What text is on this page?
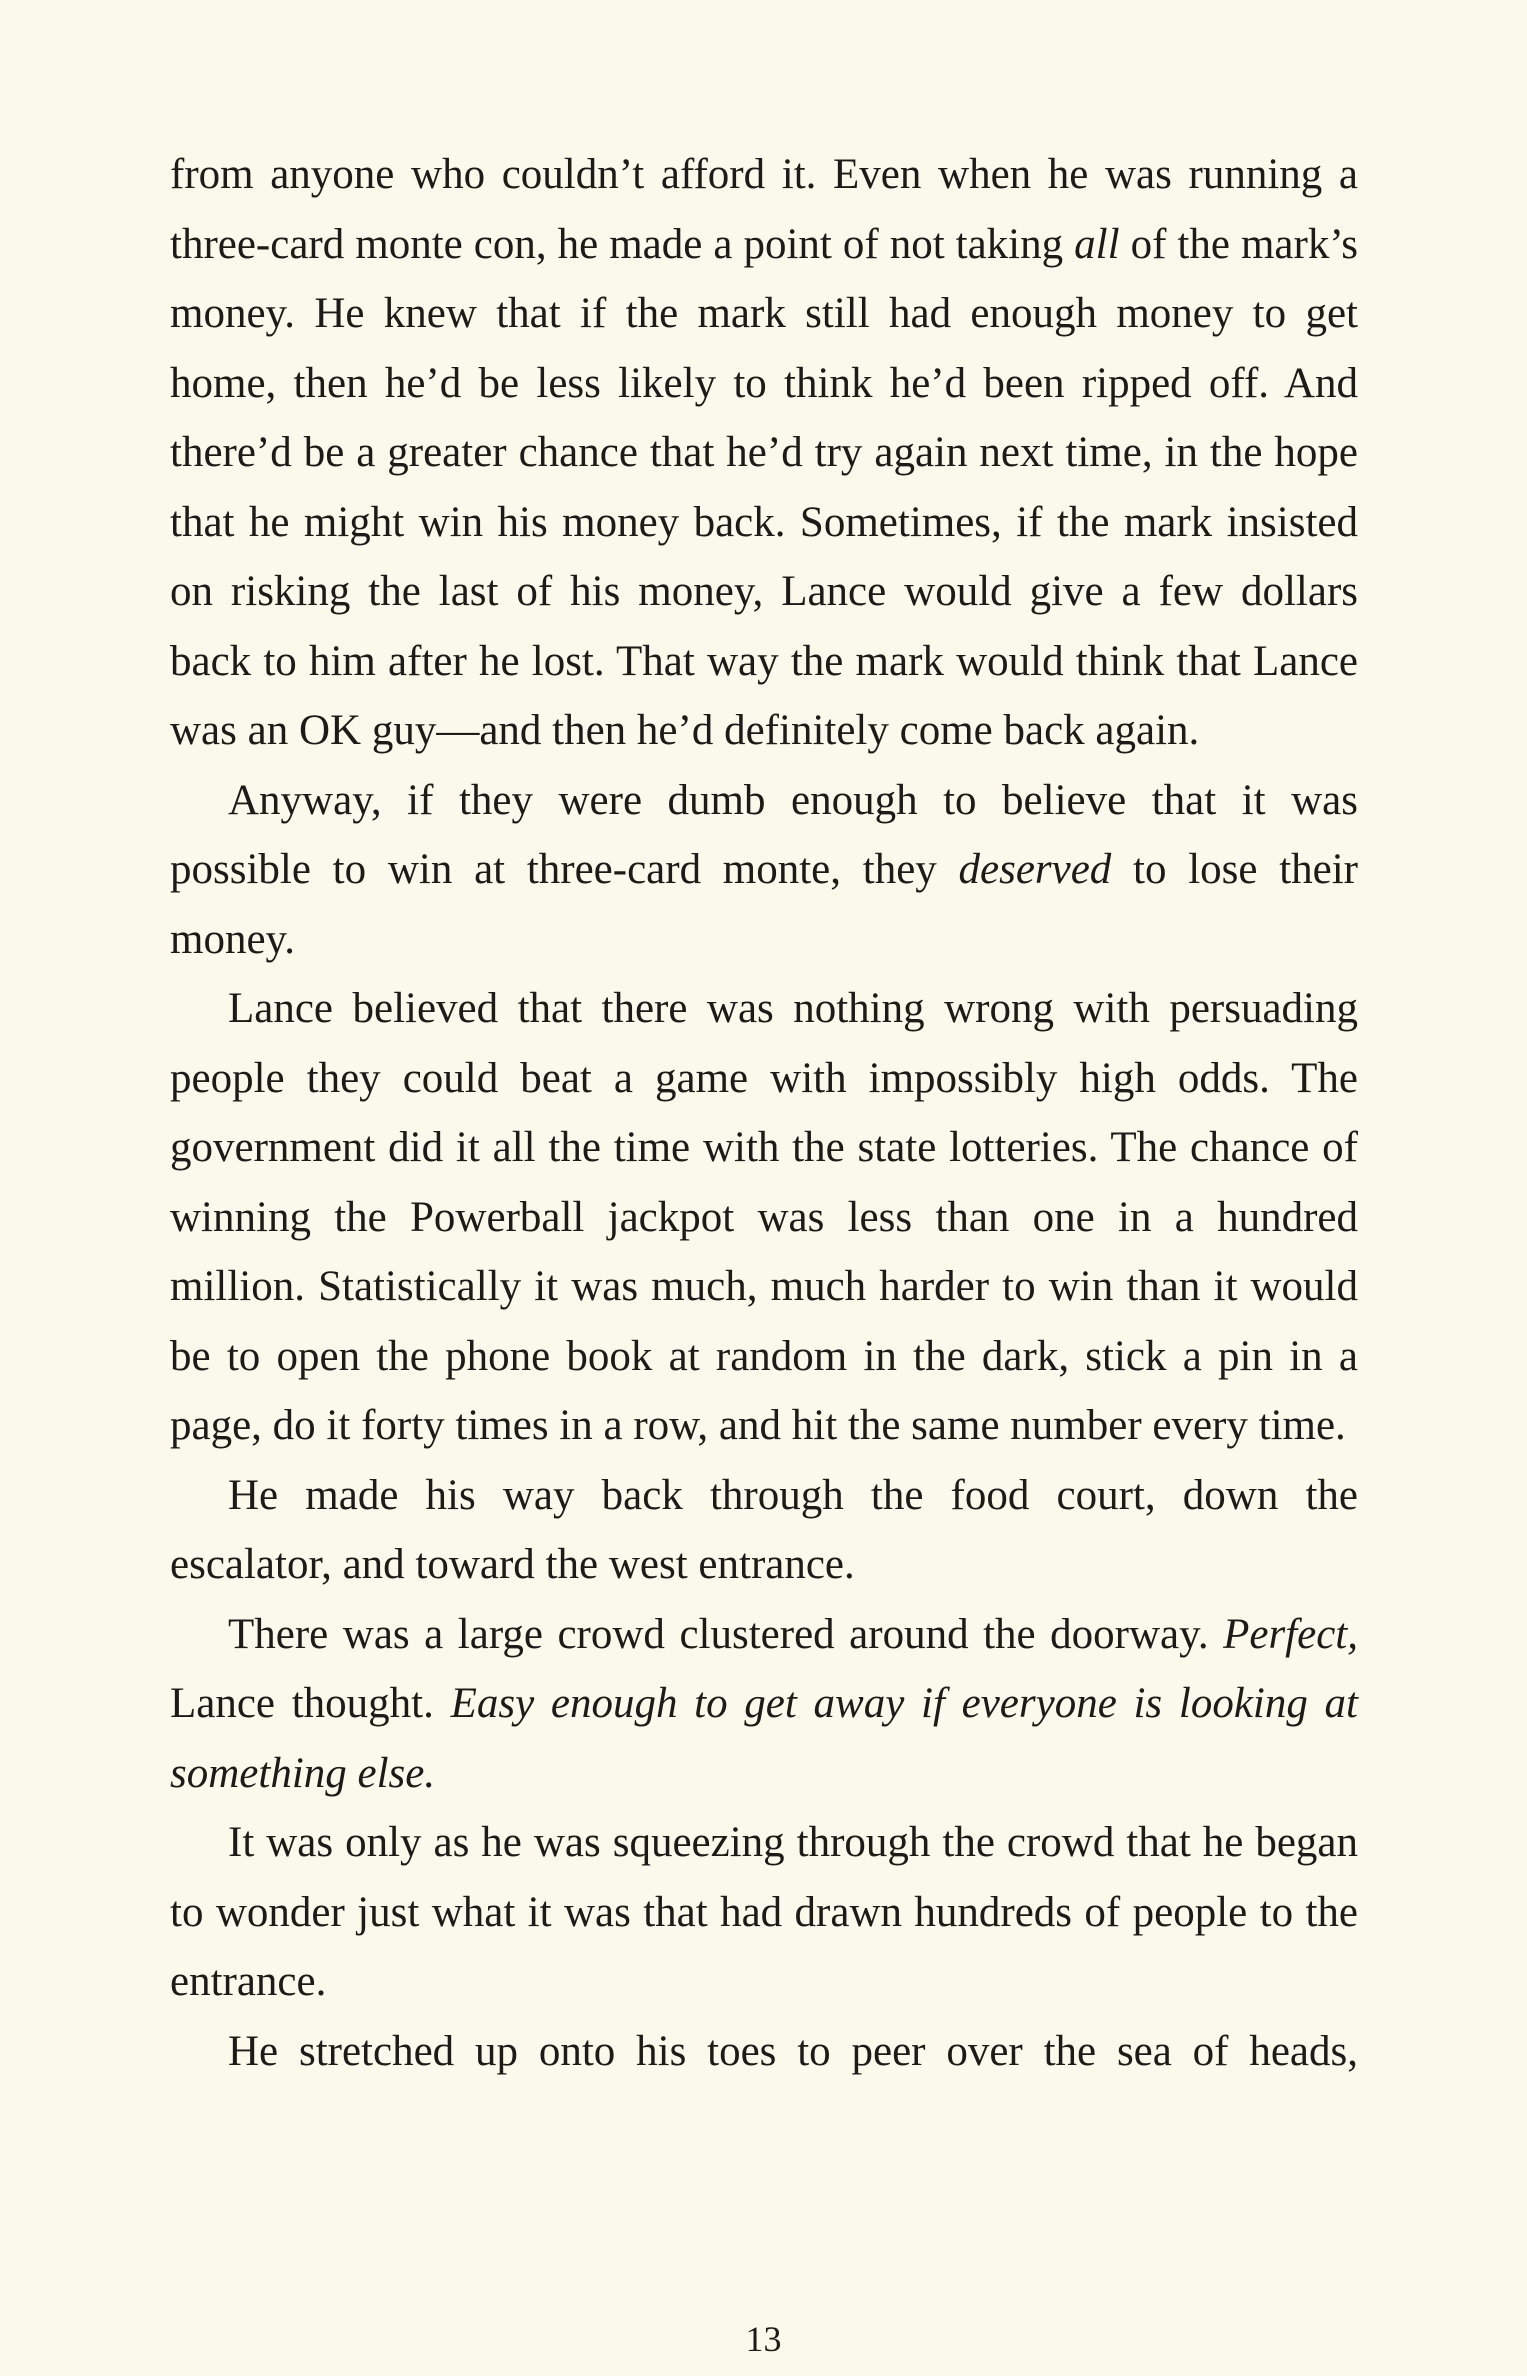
from anyone who couldn’t afford it. Even when he was running a three-card monte con, he made a point of not taking all of the mark’s money. He knew that if the mark still had enough money to get home, then he’d be less likely to think he’d been ripped off. And there’d be a greater chance that he’d try again next time, in the hope that he might win his money back. Sometimes, if the mark insisted on risking the last of his money, Lance would give a few dollars back to him after he lost. That way the mark would think that Lance was an OK guy—and then he’d definitely come back again.

Anyway, if they were dumb enough to believe that it was possible to win at three-card monte, they deserved to lose their money.

Lance believed that there was nothing wrong with persuading people they could beat a game with impossibly high odds. The government did it all the time with the state lotteries. The chance of winning the Powerball jackpot was less than one in a hundred million. Statistically it was much, much harder to win than it would be to open the phone book at random in the dark, stick a pin in a page, do it forty times in a row, and hit the same number every time.

He made his way back through the food court, down the escalator, and toward the west entrance.

There was a large crowd clustered around the doorway. Perfect, Lance thought. Easy enough to get away if everyone is looking at something else.

It was only as he was squeezing through the crowd that he began to wonder just what it was that had drawn hundreds of people to the entrance.

He stretched up onto his toes to peer over the sea of heads,

13
